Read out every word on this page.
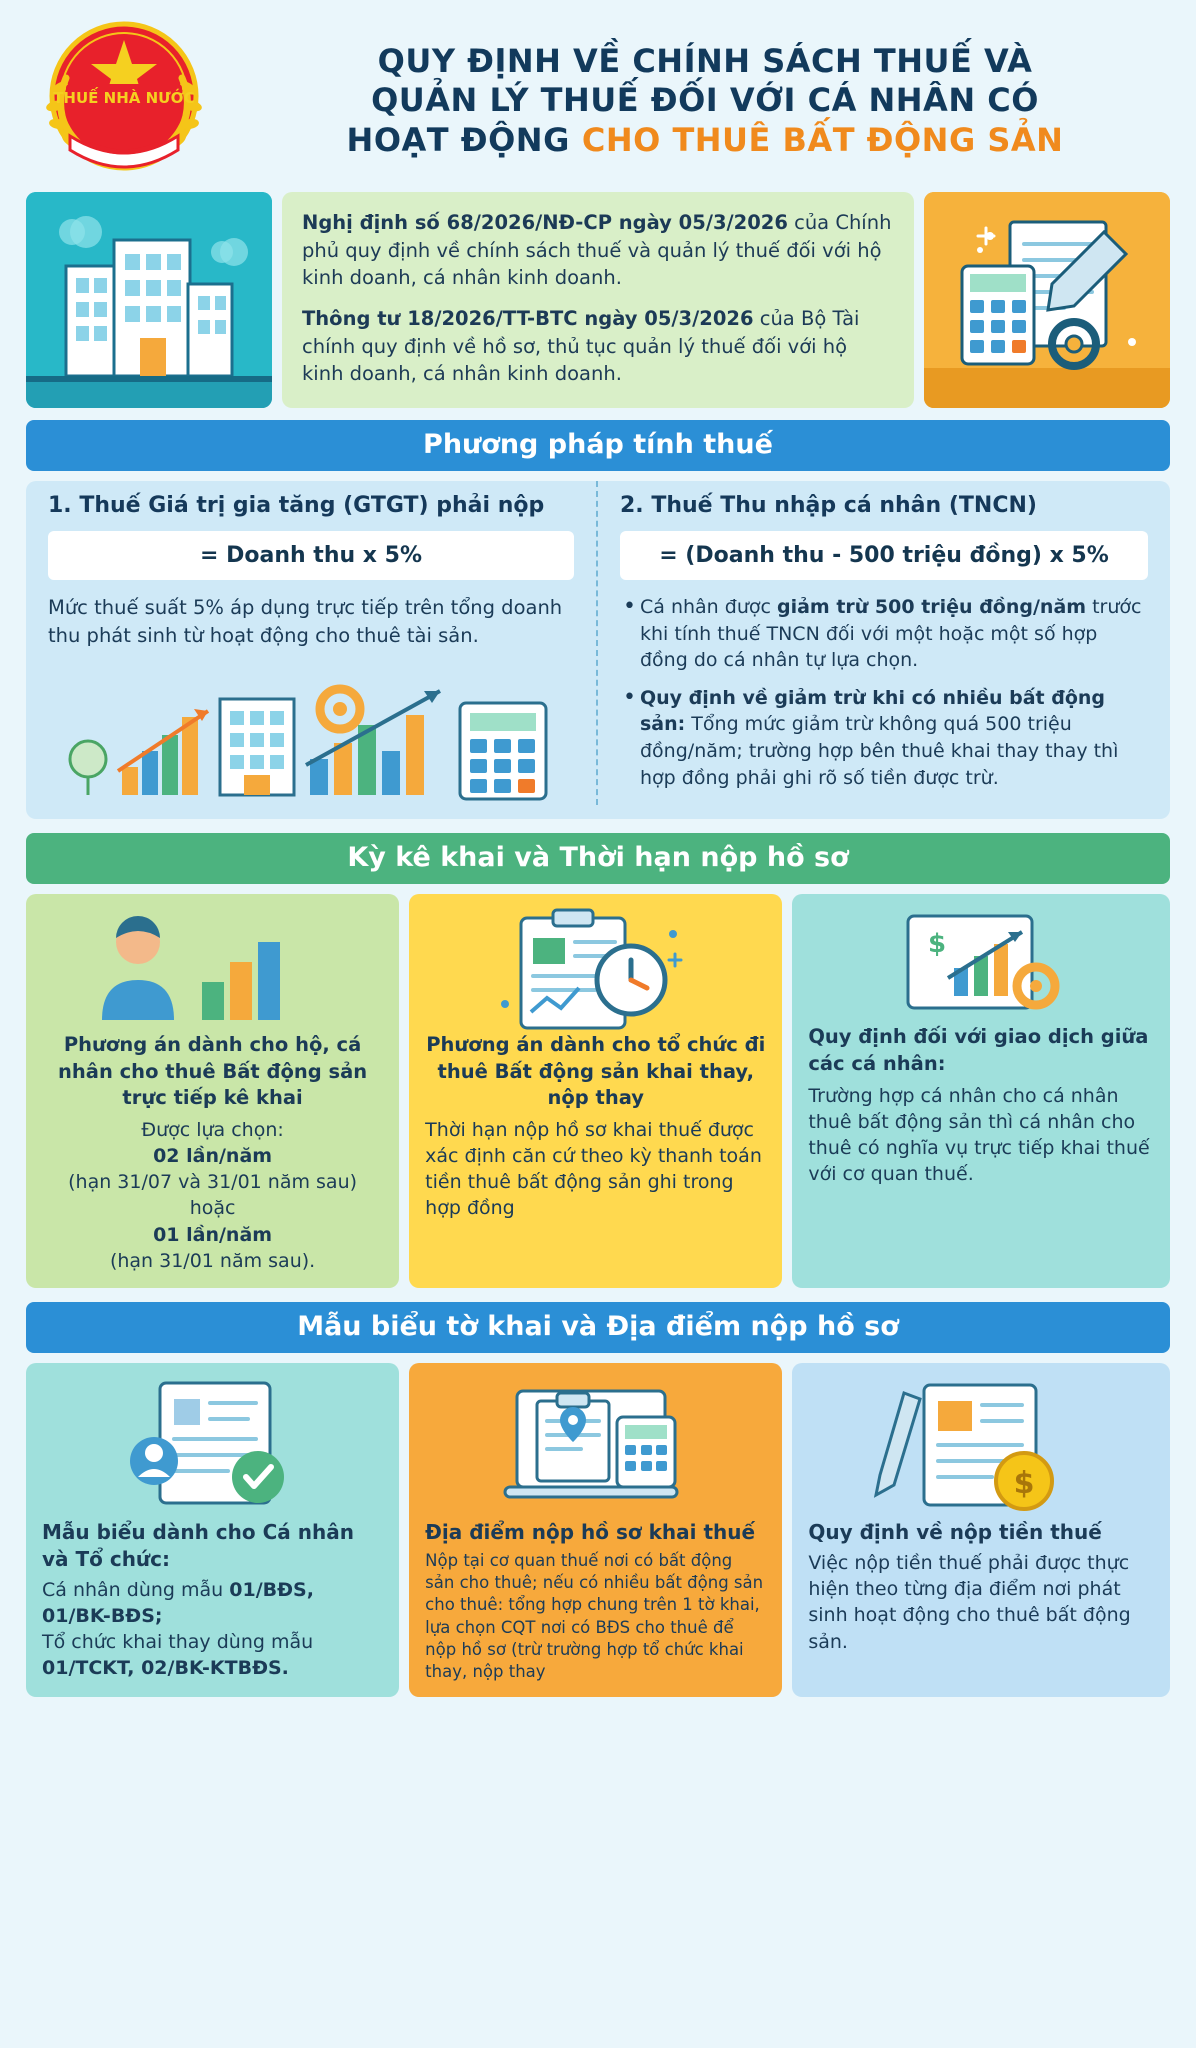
THUẾ NHÀ NƯỚC
QUY ĐỊNH VỀ CHÍNH SÁCH THUẾ VÀ
QUẢN LÝ THUẾ ĐỐI VỚI CÁ NHÂN CÓ
HOẠT ĐỘNG CHO THUÊ BẤT ĐỘNG SẢN

Nghị định số 68/2026/NĐ-CP ngày 05/3/2026 của Chính phủ quy định về chính sách thuế và quản lý thuế đối với hộ kinh doanh, cá nhân kinh doanh.

Thông tư 18/2026/TT-BTC ngày 05/3/2026 của Bộ Tài chính quy định về hồ sơ, thủ tục quản lý thuế đối với hộ kinh doanh, cá nhân kinh doanh.

Phương pháp tính thuế
1. Thuế Giá trị gia tăng (GTGT) phải nộp
= Doanh thu x 5%
Mức thuế suất 5% áp dụng trực tiếp trên tổng doanh thu phát sinh từ hoạt động cho thuê tài sản.
2. Thuế Thu nhập cá nhân (TNCN)
= (Doanh thu - 500 triệu đồng) x 5%
• Cá nhân được giảm trừ 500 triệu đồng/năm trước khi tính thuế TNCN đối với một hoặc một số hợp đồng do cá nhân tự lựa chọn.
• Quy định về giảm trừ khi có nhiều bất động sản: Tổng mức giảm trừ không quá 500 triệu đồng/năm; trường hợp bên thuê khai thay thay thì hợp đồng phải ghi rõ số tiền được trừ.
Kỳ kê khai và Thời hạn nộp hồ sơ
Phương án dành cho hộ, cá nhân cho thuê Bất động sản trực tiếp kê khai

Được lựa chọn:

02 lần/năm

(hạn 31/07 và 31/01 năm sau)

hoặc

01 lần/năm

(hạn 31/01 năm sau).

Phương án dành cho tổ chức đi thuê Bất động sản khai thay, nộp thay

Thời hạn nộp hồ sơ khai thuế được xác định căn cứ theo kỳ thanh toán tiền thuê bất động sản ghi trong hợp đồng

$
Quy định đối với giao dịch giữa các cá nhân:

Trường hợp cá nhân cho cá nhân thuê bất động sản thì cá nhân cho thuê có nghĩa vụ trực tiếp khai thuế với cơ quan thuế.

Mẫu biểu tờ khai và Địa điểm nộp hồ sơ
Mẫu biểu dành cho Cá nhân và Tổ chức:

Cá nhân dùng mẫu 01/BĐS, 01/BK-BĐS;

Tổ chức khai thay dùng mẫu 01/TCKT, 02/BK-KTBĐS.

Địa điểm nộp hồ sơ khai thuế

Nộp tại cơ quan thuế nơi có bất động sản cho thuê; nếu có nhiều bất động sản cho thuê: tổng hợp chung trên 1 tờ khai, lựa chọn CQT nơi có BĐS cho thuê để nộp hồ sơ (trừ trường hợp tổ chức khai thay, nộp thay

$
Quy định về nộp tiền thuế

Việc nộp tiền thuế phải được thực hiện theo từng địa điểm nơi phát sinh hoạt động cho thuê bất động sản.
